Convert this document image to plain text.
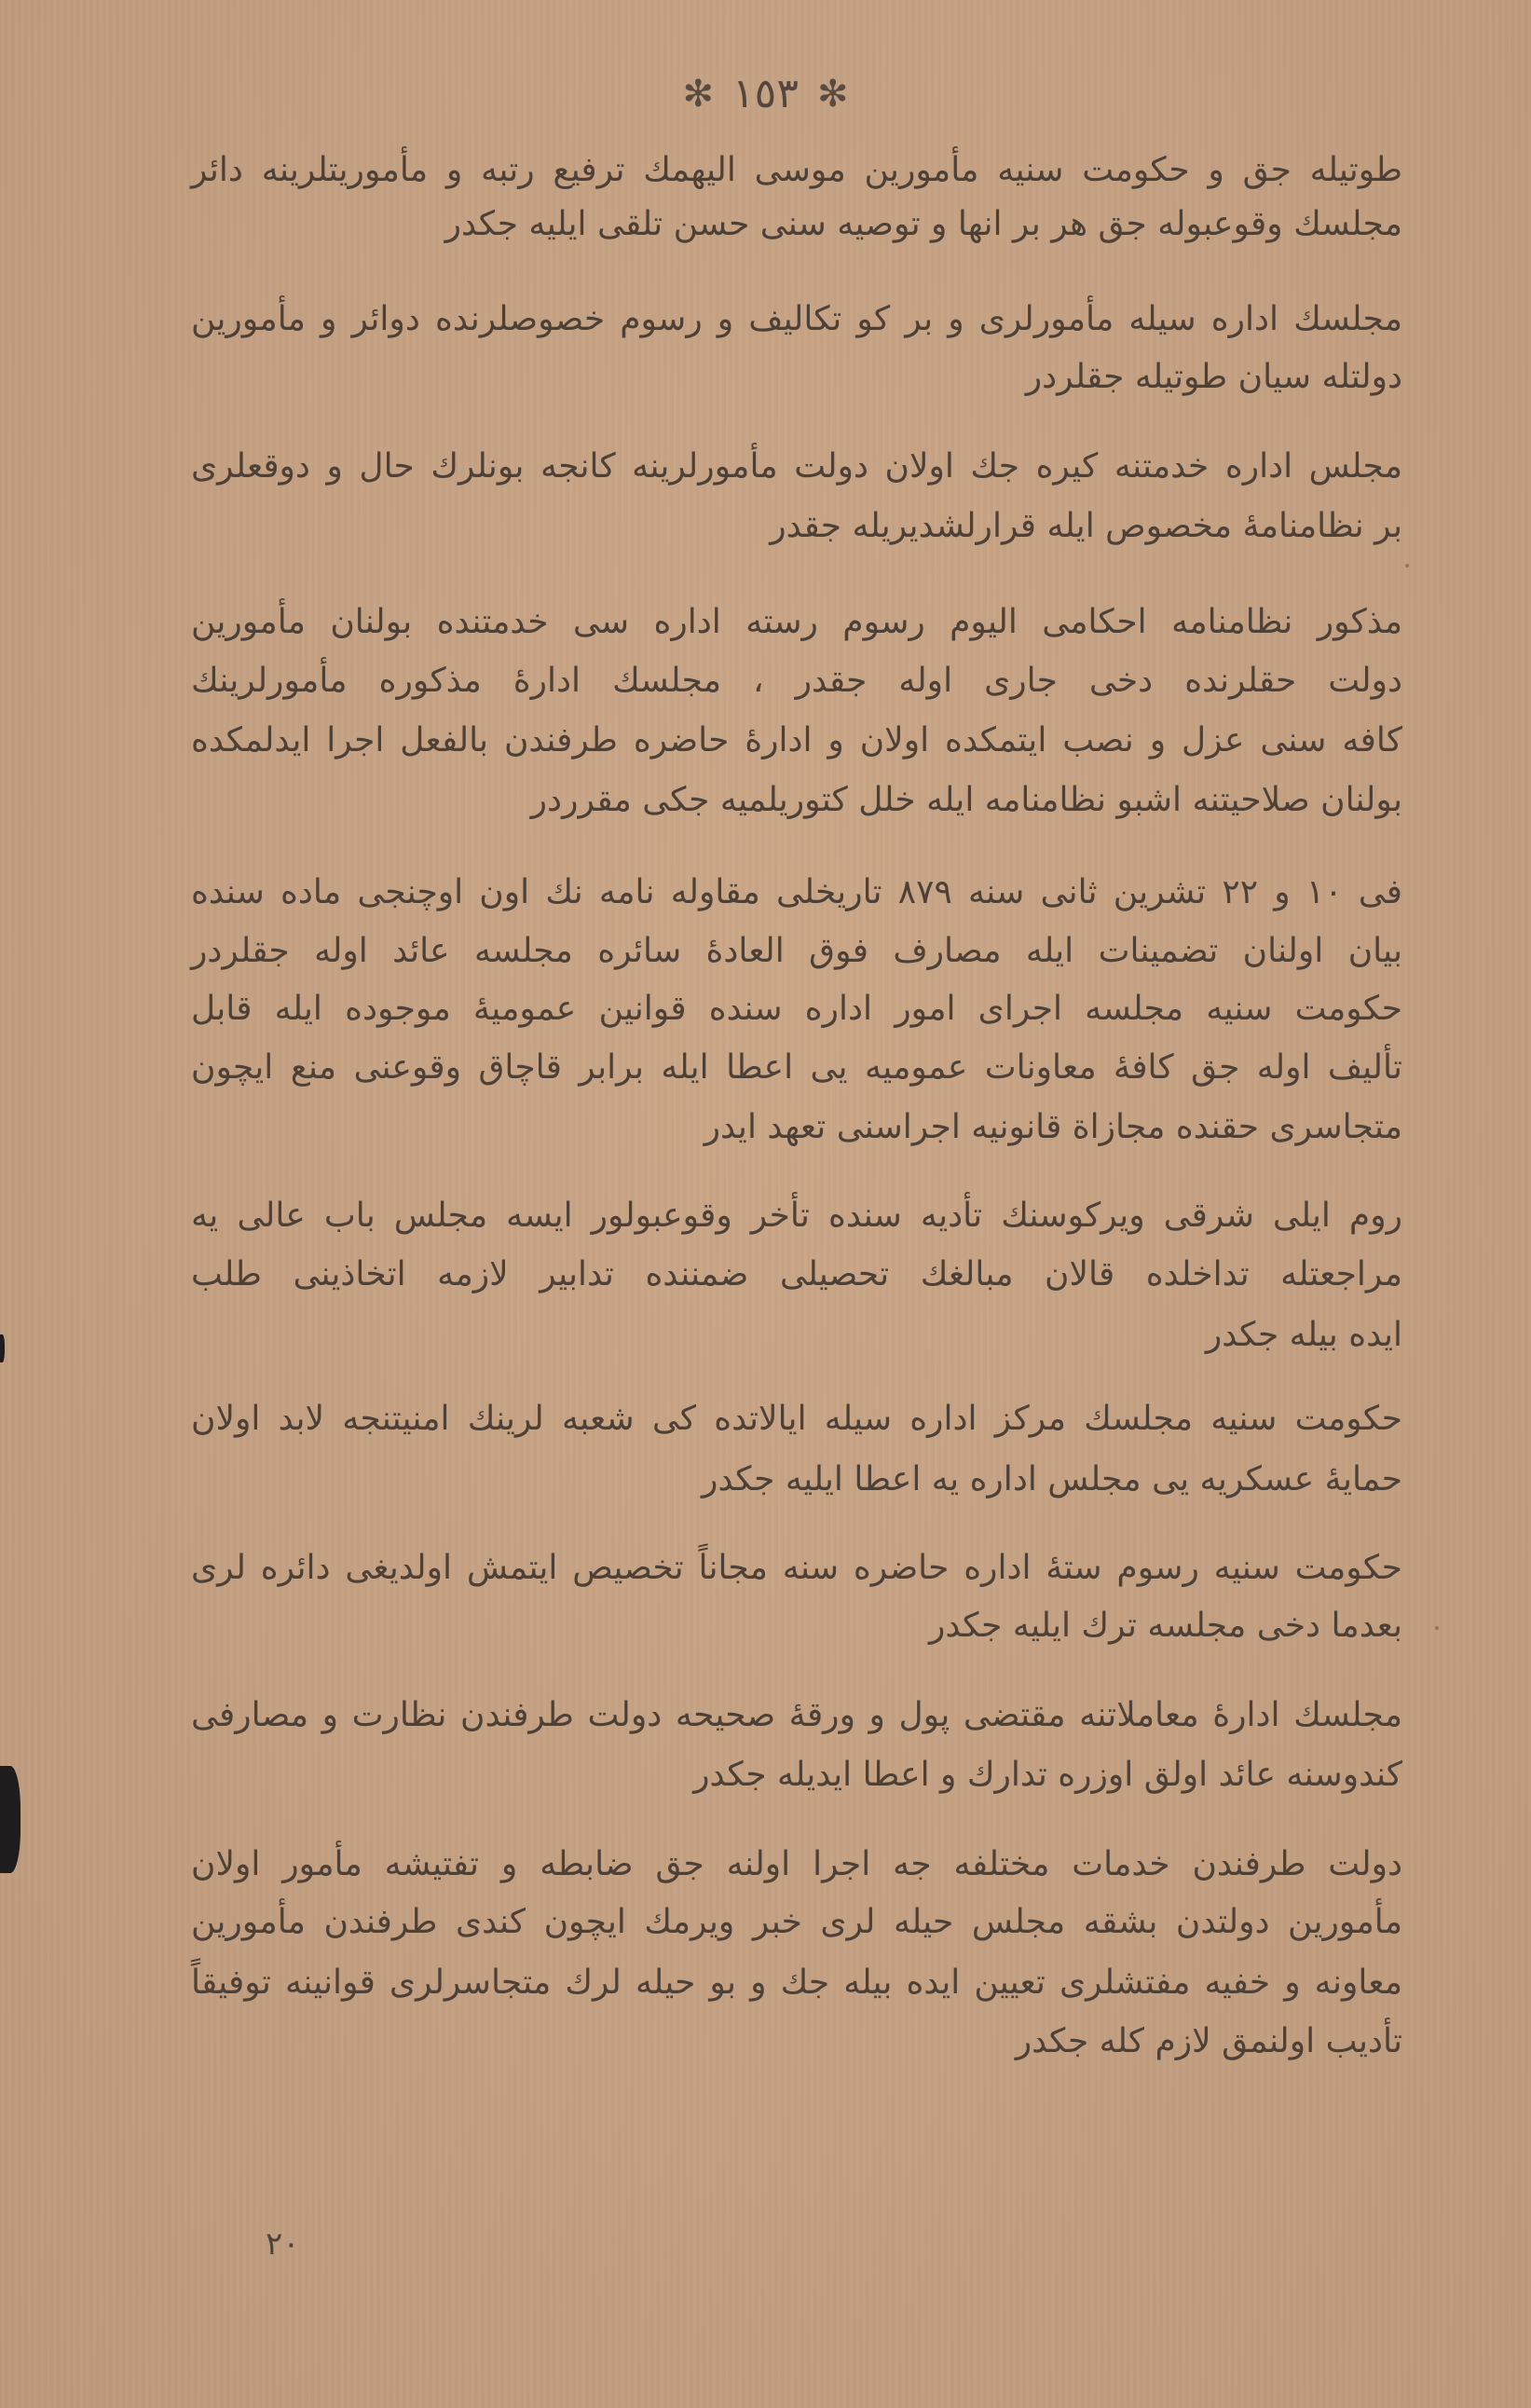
✻ ١٥٣ ✻
طوتیله جق و حکومت سنیه مأمورین موسی الیهمك ترفیع رتبه و مأموریتلرینه دائر
مجلسك وقوعبوله جق هر بر انها و توصیه سنی حسن تلقی ایلیه جکدر
مجلسك اداره سیله مأمورلری و بر کو تکالیف و رسوم خصوصلرنده دوائر و مأمورین
دولتله سیان طوتیله جقلردر
مجلس اداره خدمتنه کیره جك اولان دولت مأمورلرینه کانجه بونلرك حال و دوقعلری
بر نظامنامهٔ مخصوص ایله قرارلشدیریله جقدر
مذکور نظامنامه احکامی الیوم رسوم رسته اداره سی خدمتنده بولنان مأمورین
دولت حقلرنده دخی جاری اوله جقدر ، مجلسك ادارهٔ مذکوره مأمورلرینك
کافه سنی عزل و نصب ایتمکده اولان و ادارهٔ حاضره طرفندن بالفعل اجرا ایدلمکده
بولنان صلاحیتنه اشبو نظامنامه ایله خلل کتوریلمیه جکی مقرردر
فی ١٠ و ٢٢ تشرین ثانی سنه ٨٧٩ تاریخلی مقاوله نامه نك اون اوچنجی ماده سنده
بیان اولنان تضمینات ایله مصارف فوق العادهٔ سائره مجلسه عائد اوله جقلردر
حکومت سنیه مجلسه اجرای امور اداره سنده قوانین عمومیهٔ موجوده ایله قابل
تألیف اوله جق کافهٔ معاونات عمومیه یی اعطا ایله برابر قاچاق وقوعنی منع ایچون
متجاسری حقنده مجازاة قانونیه اجراسنی تعهد ایدر
روم ایلی شرقی ویرکوسنك تأدیه سنده تأخر وقوعبولور ایسه مجلس باب عالی یه
مراجعتله تداخلده قالان مبالغك تحصیلی ضمننده تدابیر لازمه اتخاذینی طلب
ایده بیله جکدر
حکومت سنیه مجلسك مرکز اداره سیله ایالاتده کی شعبه لرینك امنیتنجه لابد اولان
حمایهٔ عسکریه یی مجلس اداره یه اعطا ایلیه جکدر
حکومت سنیه رسوم ستهٔ اداره حاضره سنه مجاناً تخصیص ایتمش اولدیغی دائره لری
بعدما دخی مجلسه ترك ایلیه جکدر
مجلسك ادارهٔ معاملاتنه مقتضی پول و ورقهٔ صحیحه دولت طرفندن نظارت و مصارفی
کندوسنه عائد اولق اوزره تدارك و اعطا ایدیله جکدر
دولت طرفندن خدمات مختلفه جه اجرا اولنه جق ضابطه و تفتیشه مأمور اولان
مأمورین دولتدن بشقه مجلس حیله لری خبر ویرمك ایچون کندی طرفندن مأمورین
معاونه و خفیه مفتشلری تعیین ایده بیله جك و بو حیله لرك متجاسرلری قوانینه توفیقاً
تأدیب اولنمق لازم کله جکدر
٢٠
